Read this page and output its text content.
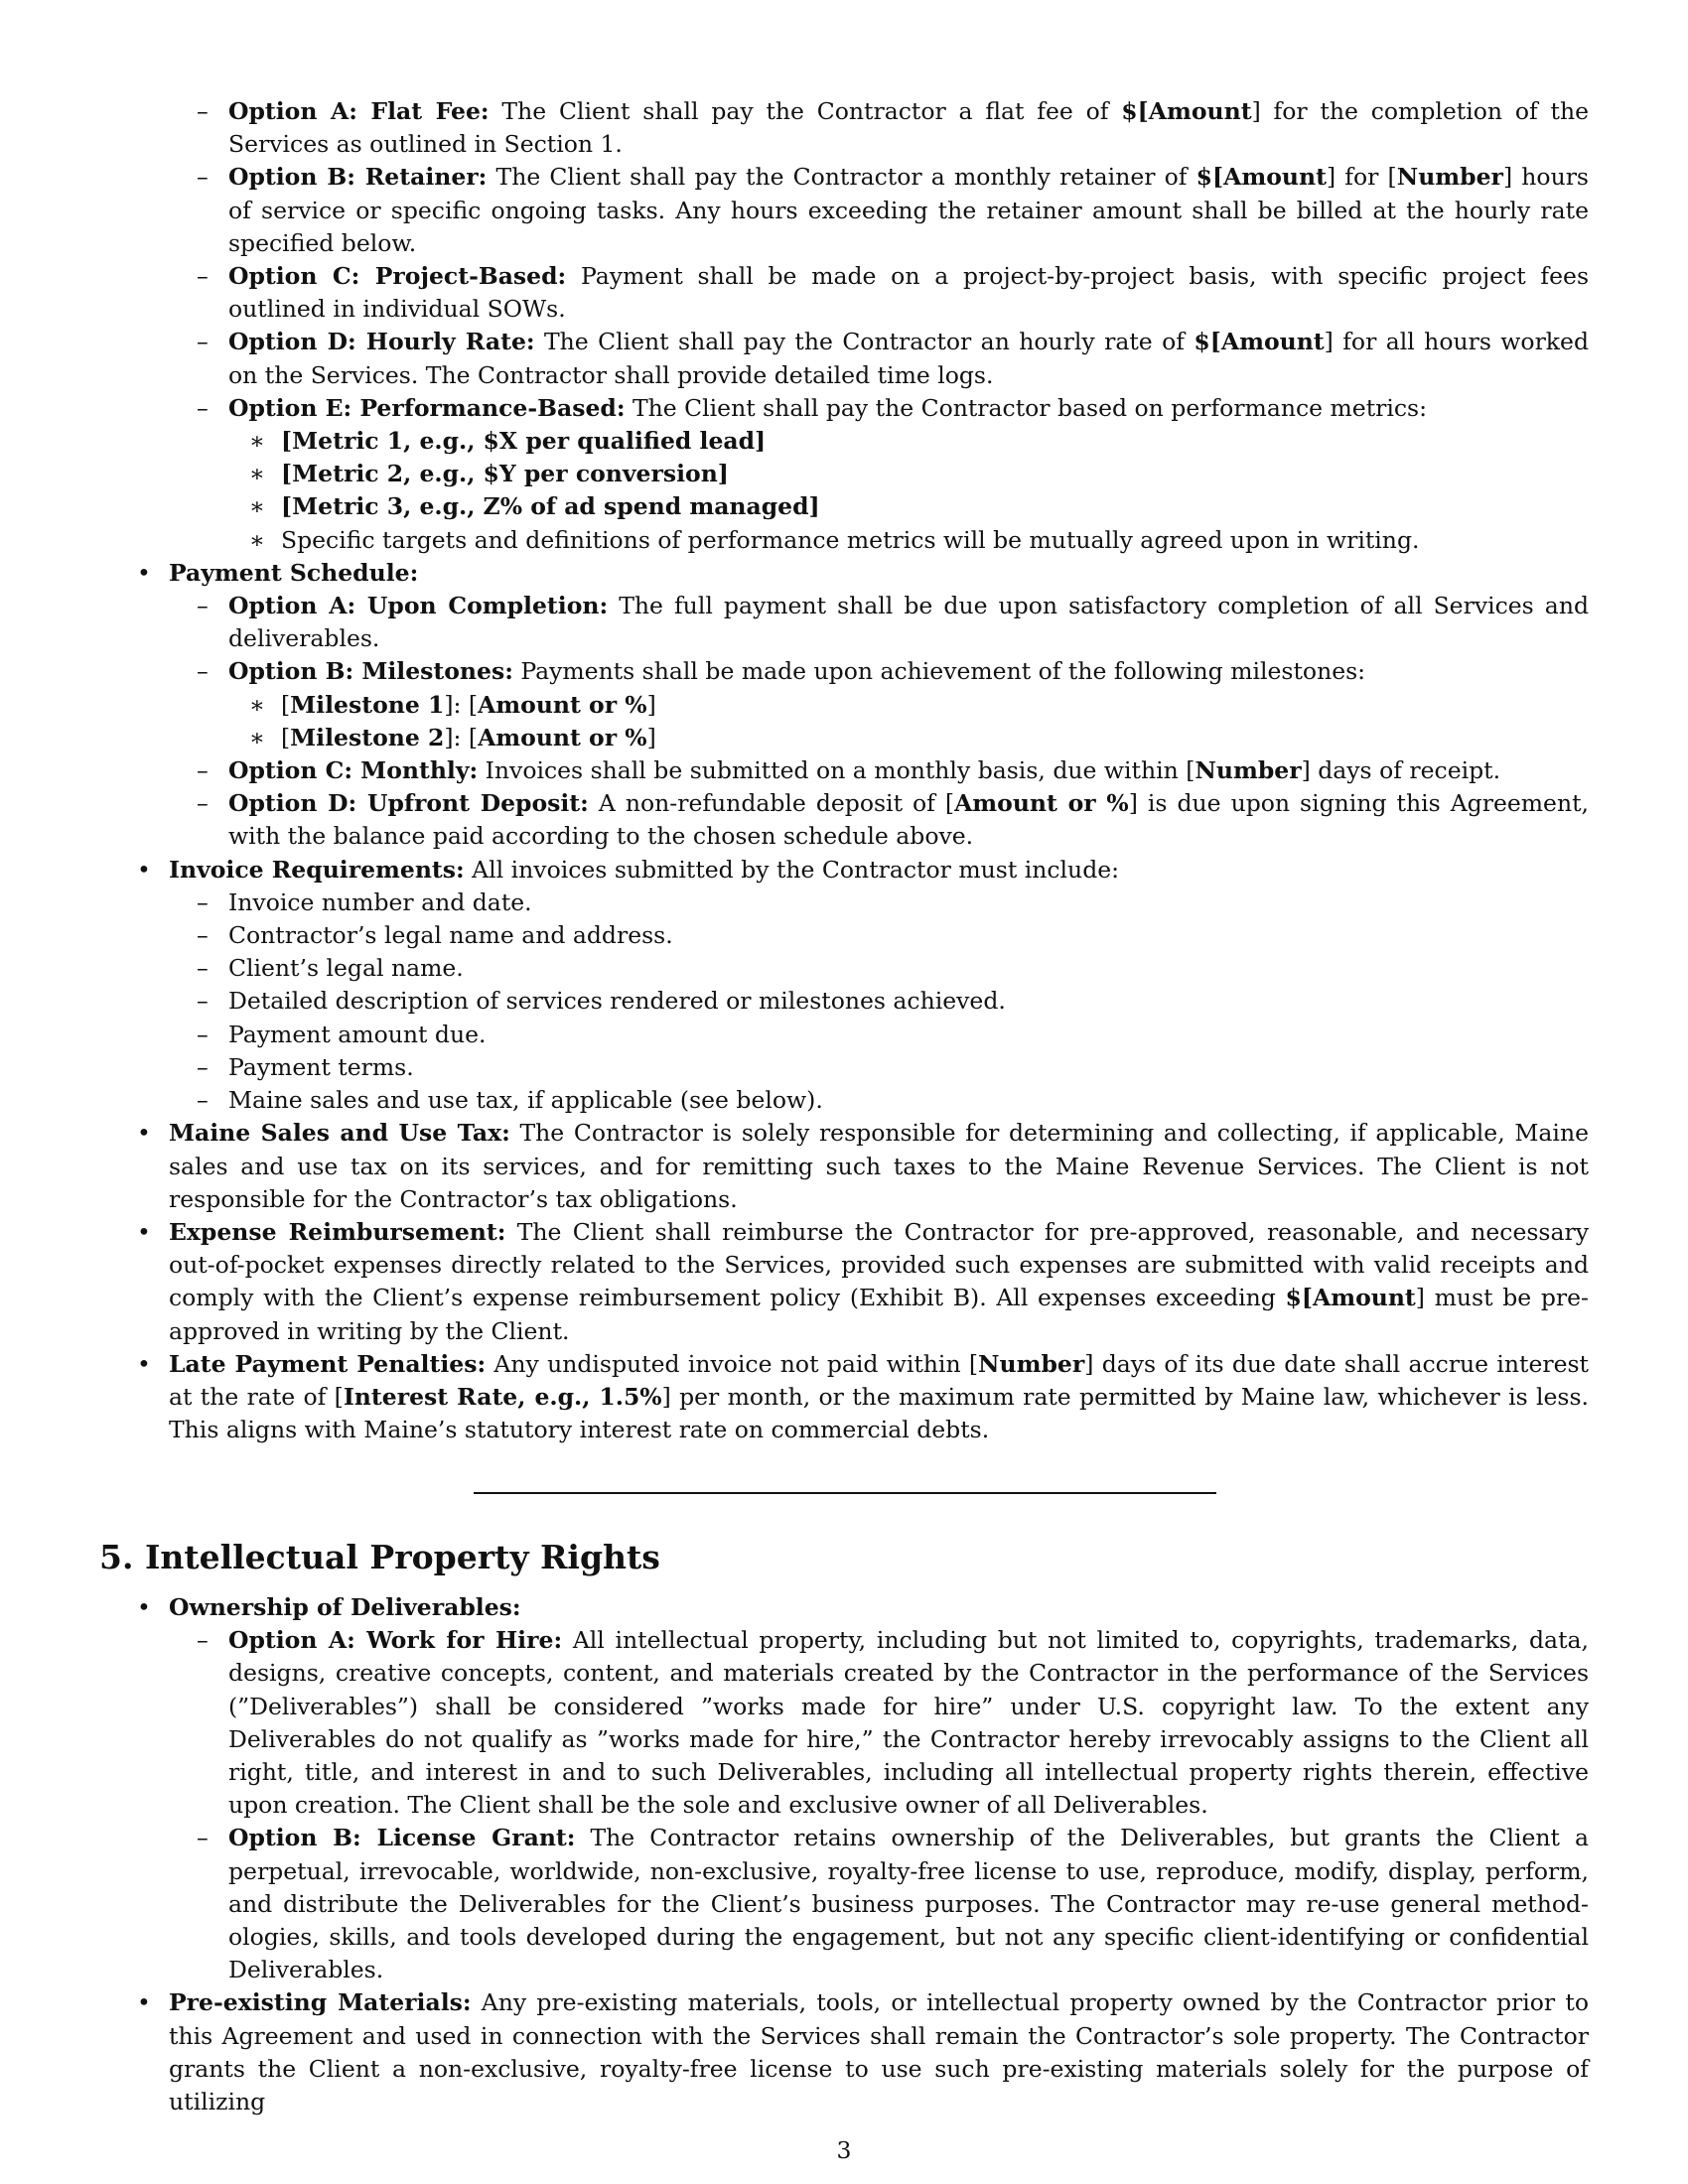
– Option A: Flat Fee: The Client shall pay the Contractor a flat fee of $[Amount] for the completion of the Services as outlined in Section 1.
– Option B: Retainer: The Client shall pay the Contractor a monthly retainer of $[Amount] for [Number] hours of service or specific ongoing tasks. Any hours exceeding the retainer amount shall be billed at the hourly rate specified below.
– Option C: Project-Based: Payment shall be made on a project-by-project basis, with specific project fees outlined in individual SOWs.
– Option D: Hourly Rate: The Client shall pay the Contractor an hourly rate of $[Amount] for all hours worked on the Services. The Contractor shall provide detailed time logs.
– Option E: Performance-Based: The Client shall pay the Contractor based on performance metrics:
∗ [Metric 1, e.g., $X per qualified lead]
∗ [Metric 2, e.g., $Y per conversion]
∗ [Metric 3, e.g., Z% of ad spend managed]
∗ Specific targets and definitions of performance metrics will be mutually agreed upon in writing.
• Payment Schedule:
– Option A: Upon Completion: The full payment shall be due upon satisfactory completion of all Services and deliverables.
– Option B: Milestones: Payments shall be made upon achievement of the following milestones:
∗ [Milestone 1]: [Amount or %]
∗ [Milestone 2]: [Amount or %]
– Option C: Monthly: Invoices shall be submitted on a monthly basis, due within [Number] days of receipt.
– Option D: Upfront Deposit: A non-refundable deposit of [Amount or %] is due upon signing this Agreement, with the balance paid according to the chosen schedule above.
• Invoice Requirements: All invoices submitted by the Contractor must include:
– Invoice number and date.
– Contractor’s legal name and address.
– Client’s legal name.
– Detailed description of services rendered or milestones achieved.
– Payment amount due.
– Payment terms.
– Maine sales and use tax, if applicable (see below).
• Maine Sales and Use Tax: The Contractor is solely responsible for determining and collecting, if applicable, Maine sales and use tax on its services, and for remitting such taxes to the Maine Revenue Services. The Client is not responsible for the Contractor’s tax obligations.
• Expense Reimbursement: The Client shall reimburse the Contractor for pre-approved, reasonable, and necessary out-of-pocket expenses directly related to the Services, provided such expenses are submitted with valid receipts and comply with the Client’s expense reimbursement policy (Exhibit B). All expenses exceeding $[Amount] must be pre-approved in writing by the Client.
• Late Payment Penalties: Any undisputed invoice not paid within [Number] days of its due date shall accrue interest at the rate of [Interest Rate, e.g., 1.5%] per month, or the maximum rate permitted by Maine law, whichever is less. This aligns with Maine’s statutory interest rate on commercial debts.
5. Intellectual Property Rights
• Ownership of Deliverables:
– Option A: Work for Hire: All intellectual property, including but not limited to, copyrights, trademarks, data, designs, creative concepts, content, and materials created by the Contractor in the performance of the Services (”Deliverables”) shall be considered ”works made for hire” under U.S. copyright law. To the extent any Deliverables do not qualify as ”works made for hire,” the Contractor hereby irrevocably assigns to the Client all right, title, and interest in and to such Deliverables, including all intellectual property rights therein, effective upon creation. The Client shall be the sole and exclusive owner of all Deliverables.
– Option B: License Grant: The Contractor retains ownership of the Deliverables, but grants the Client a perpetual, irrevocable, worldwide, non-exclusive, royalty-free license to use, reproduce, modify, display, perform, and distribute the Deliverables for the Client’s business purposes. The Contractor may re-use general methodologies, skills, and tools developed during the engagement, but not any specific client-identifying or confidential Deliverables.
• Pre-existing Materials: Any pre-existing materials, tools, or intellectual property owned by the Contractor prior to this Agreement and used in connection with the Services shall remain the Contractor’s sole property. The Contractor grants the Client a non-exclusive, royalty-free license to use such pre-existing materials solely for the purpose of utilizing
3
